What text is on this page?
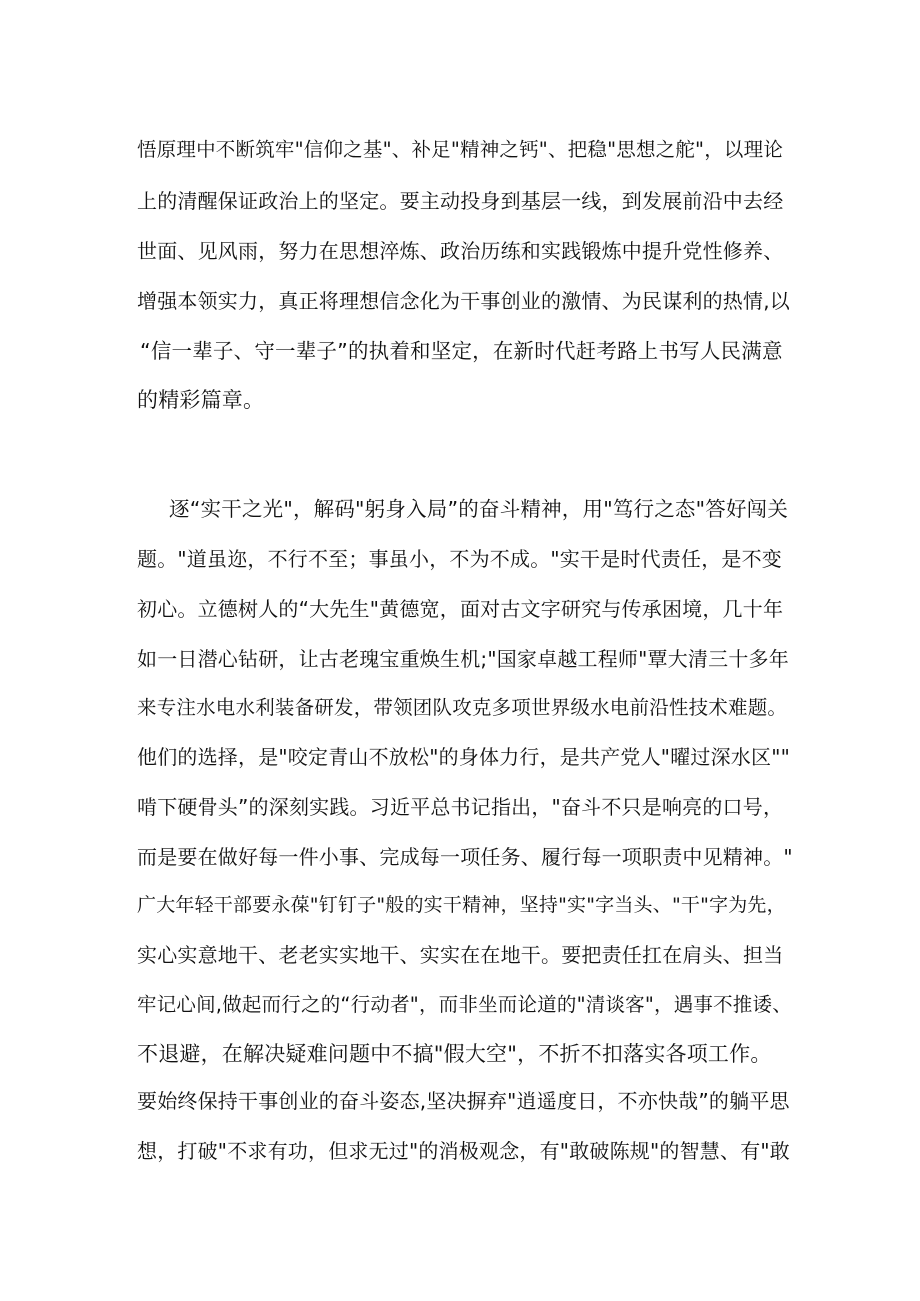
悟原理中不断筑牢"信仰之基"、补足"精神之钙"、把稳"思想之舵"，以理论
上的清醒保证政治上的坚定。要主动投身到基层一线，到发展前沿中去经
世面、见风雨，努力在思想淬炼、政治历练和实践锻炼中提升党性修养、
增强本领实力，真正将理想信念化为干事创业的激情、为民谋利的热情,以
“信一辈子、守一辈子”的执着和坚定，在新时代赶考路上书写人民满意
的精彩篇章。
逐“实干之光"，解码"躬身入局”的奋斗精神，用"笃行之态"答好闯关
题。"道虽迩，不行不至；事虽小，不为不成。"实干是时代责任，是不变
初心。立德树人的“大先生"黄德宽，面对古文字研究与传承困境，几十年
如一日潜心钻研，让古老瑰宝重焕生机;"国家卓越工程师"覃大清三十多年
来专注水电水利装备研发，带领团队攻克多项世界级水电前沿性技术难题。
他们的选择，是"咬定青山不放松"的身体力行，是共产党人"曜过深水区""
啃下硬骨头”的深刻实践。习近平总书记指出，"奋斗不只是响亮的口号，
而是要在做好每一件小事、完成每一项任务、履行每一项职责中见精神。"
广大年轻干部要永葆"钉钉子"般的实干精神，坚持"实"字当头、"干"字为先，
实心实意地干、老老实实地干、实实在在地干。要把责任扛在肩头、担当
牢记心间,做起而行之的“行动者"，而非坐而论道的"清谈客"，遇事不推诿、
不退避，在解决疑难问题中不搞"假大空"，不折不扣落实各项工作。
要始终保持干事创业的奋斗姿态,坚决摒弃"逍遥度日，不亦快哉”的躺平思
想，打破"不求有功，但求无过"的消极观念，有"敢破陈规"的智慧、有"敢
